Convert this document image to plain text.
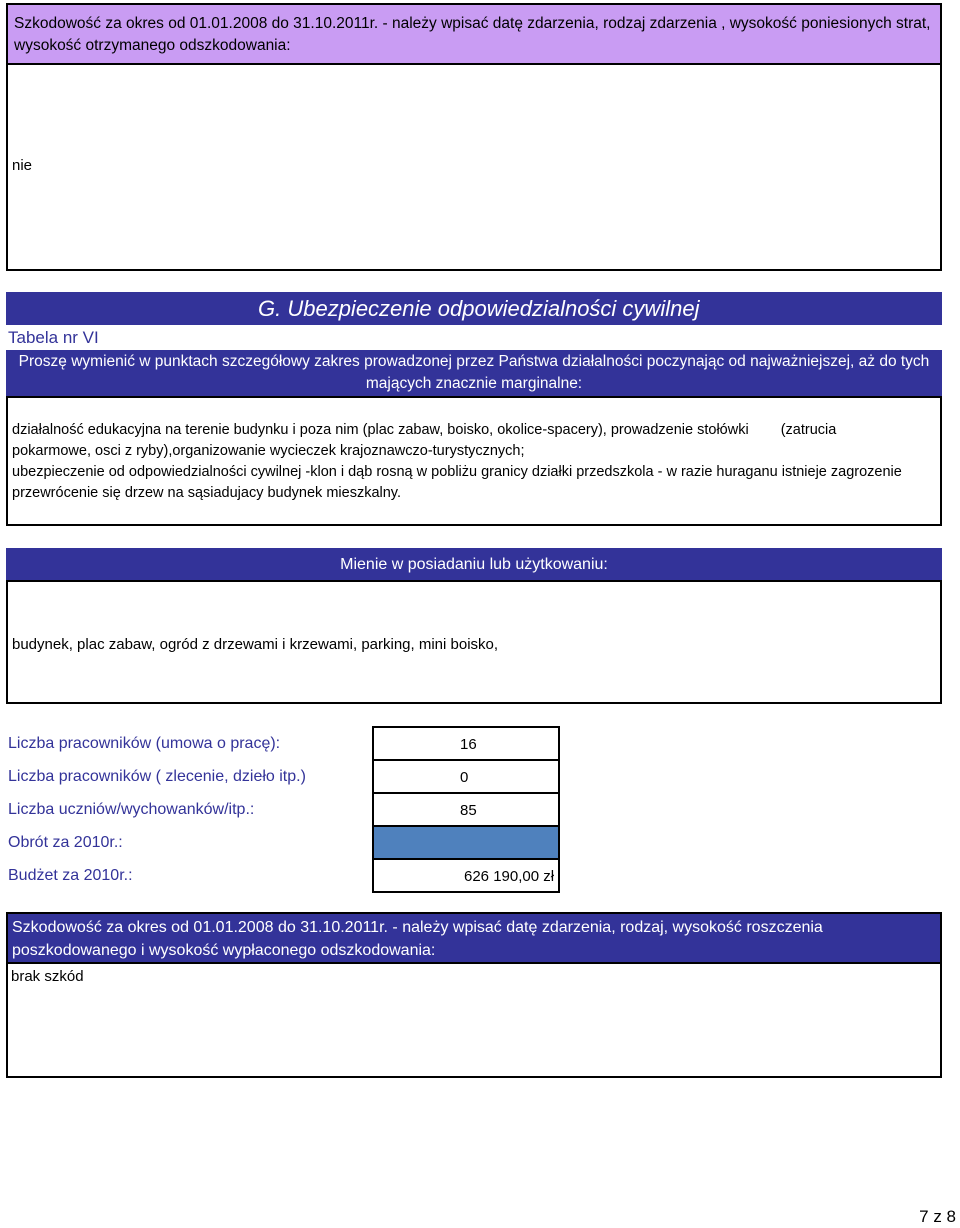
Szkodowość za okres od 01.01.2008 do 31.10.2011r. - należy wpisać datę zdarzenia, rodzaj zdarzenia , wysokość poniesionych strat, wysokość otrzymanego odszkodowania:
nie
G. Ubezpieczenie odpowiedzialności cywilnej
Tabela nr VI
Proszę wymienić w punktach szczegółowy zakres prowadzonej przez Państwa działalności poczynając od najważniejszej, aż do tych mających znacznie marginalne:

działalność edukacyjna na terenie budynku i poza nim (plac zabaw, boisko, okolice-spacery), prowadzenie stołówki (zatrucia

pokarmowe, osci z ryby),organizowanie wycieczek krajoznawczo-turystycznych;

ubezpieczenie od odpowiedzialności cywilnej -klon i dąb rosną w pobliżu granicy działki przedszkola - w razie huraganu istnieje zagrozenie

przewrócenie się drzew na sąsiadujacy budynek mieszkalny.

Mienie w posiadaniu lub użytkowaniu:
budynek, plac zabaw, ogród z drzewami i krzewami, parking, mini boisko,
Liczba pracowników (umowa o pracę):	16
Liczba pracowników ( zlecenie, dzieło itp.)	0
Liczba uczniów/wychowanków/itp.:	85
Obrót za 2010r.:
Budżet za 2010r.:	626 190,00 zł
Szkodowość za okres od 01.01.2008 do 31.10.2011r. - należy wpisać datę zdarzenia, rodzaj, wysokość roszczenia poszkodowanego i wysokość wypłaconego odszkodowania:
brak szkód
7 z 8
